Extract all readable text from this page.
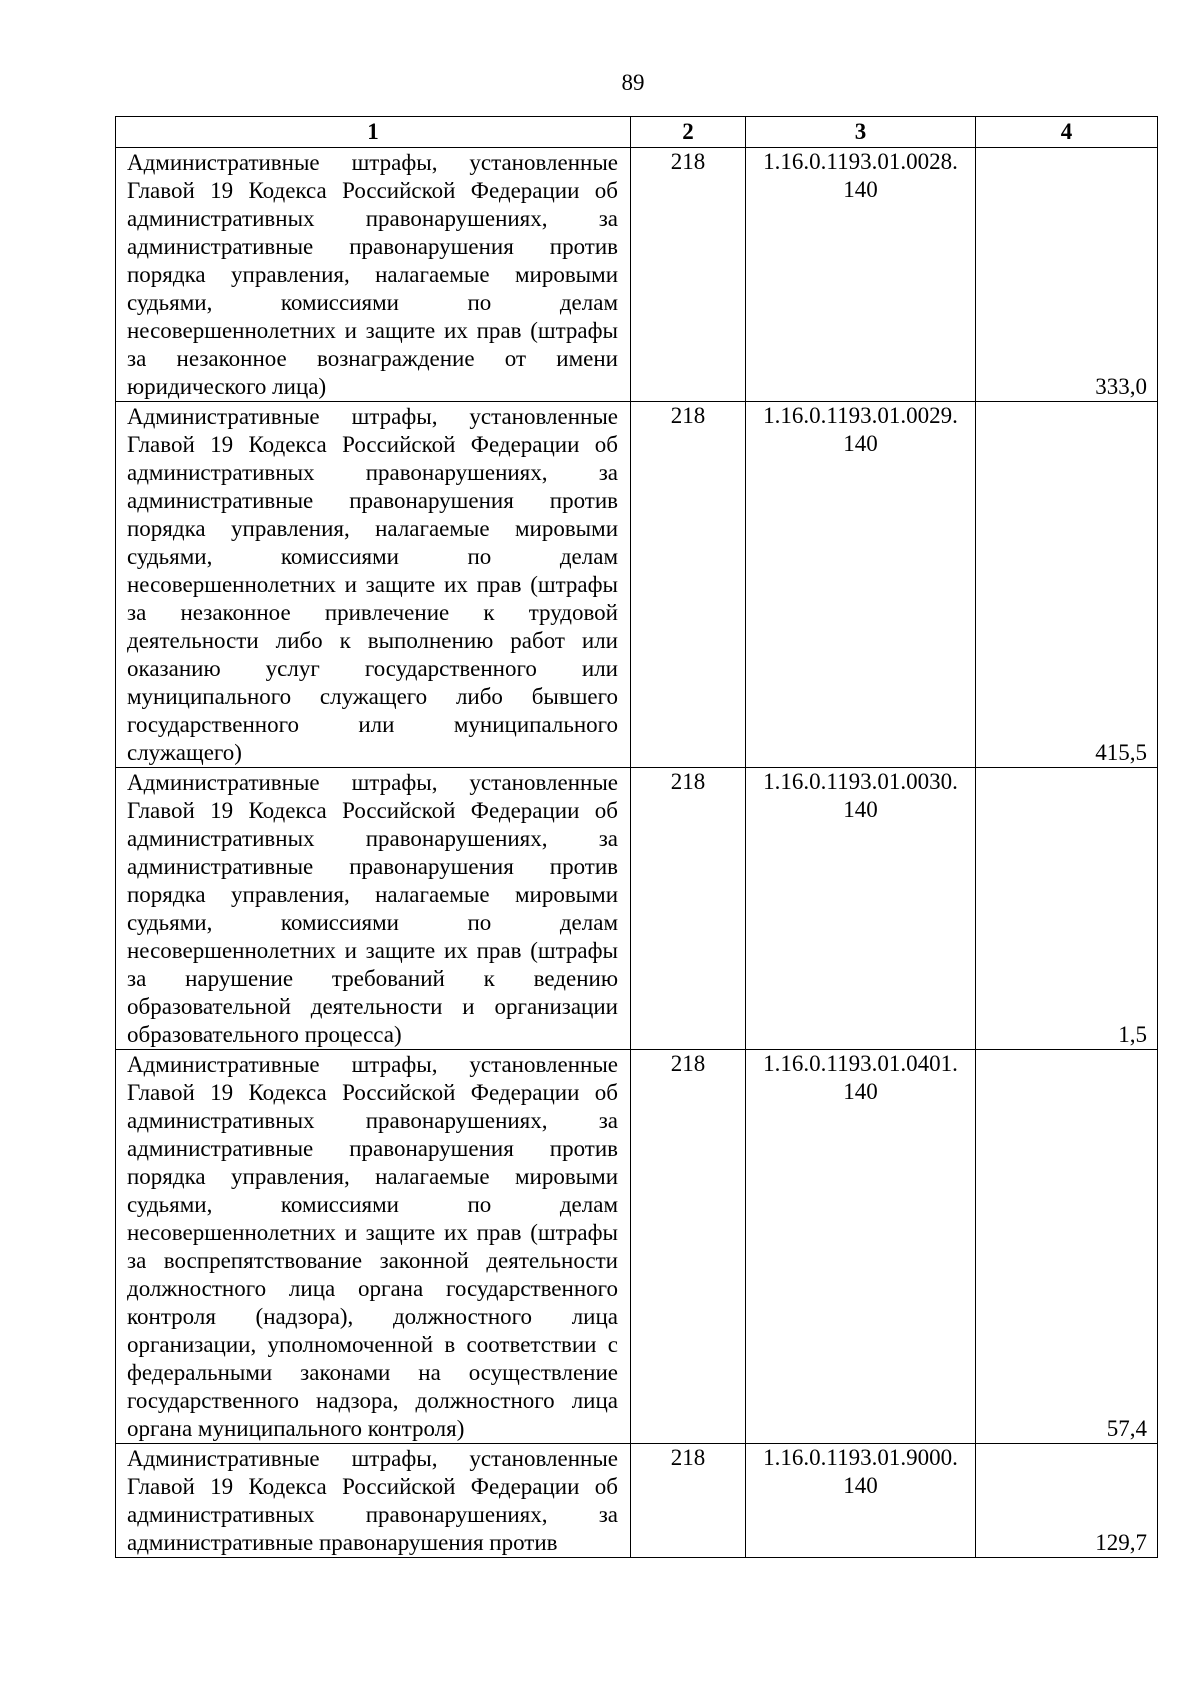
89
1	2	3	4

Административные штрафы, установленные Главой 19 Кодекса Российской Федерации об административных правонарушениях, за административные правонарушения против порядка управления, налагаемые мировыми судьями, комиссиями по делам несовершеннолетних и защите их прав (штрафы за незаконное вознаграждение от имени юридического лица)	218	1.16.0.1193.01.0028.
140	333,0

Административные штрафы, установленные Главой 19 Кодекса Российской Федерации об административных правонарушениях, за административные правонарушения против порядка управления, налагаемые мировыми судьями, комиссиями по делам несовершеннолетних и защите их прав (штрафы за незаконное привлечение к трудовой деятельности либо к выполнению работ или оказанию услуг государственного или муниципального служащего либо бывшего государственного или муниципального служащего)	218	1.16.0.1193.01.0029.
140	415,5

Административные штрафы, установленные Главой 19 Кодекса Российской Федерации об административных правонарушениях, за административные правонарушения против порядка управления, налагаемые мировыми судьями, комиссиями по делам несовершеннолетних и защите их прав (штрафы за нарушение требований к ведению образовательной деятельности и организации образовательного процесса)	218	1.16.0.1193.01.0030.
140	1,5

Административные штрафы, установленные Главой 19 Кодекса Российской Федерации об административных правонарушениях, за административные правонарушения против порядка управления, налагаемые мировыми судьями, комиссиями по делам несовершеннолетних и защите их прав (штрафы за воспрепятствование законной деятельности должностного лица органа государственного контроля (надзора), должностного лица организации, уполномоченной в соответствии с федеральными законами на осуществление государственного надзора, должностного лица органа муниципального контроля)	218	1.16.0.1193.01.0401.
140	57,4

Административные штрафы, установленные Главой 19 Кодекса Российской Федерации об административных правонарушениях, за административные правонарушения против	218	1.16.0.1193.01.9000.
140	129,7
